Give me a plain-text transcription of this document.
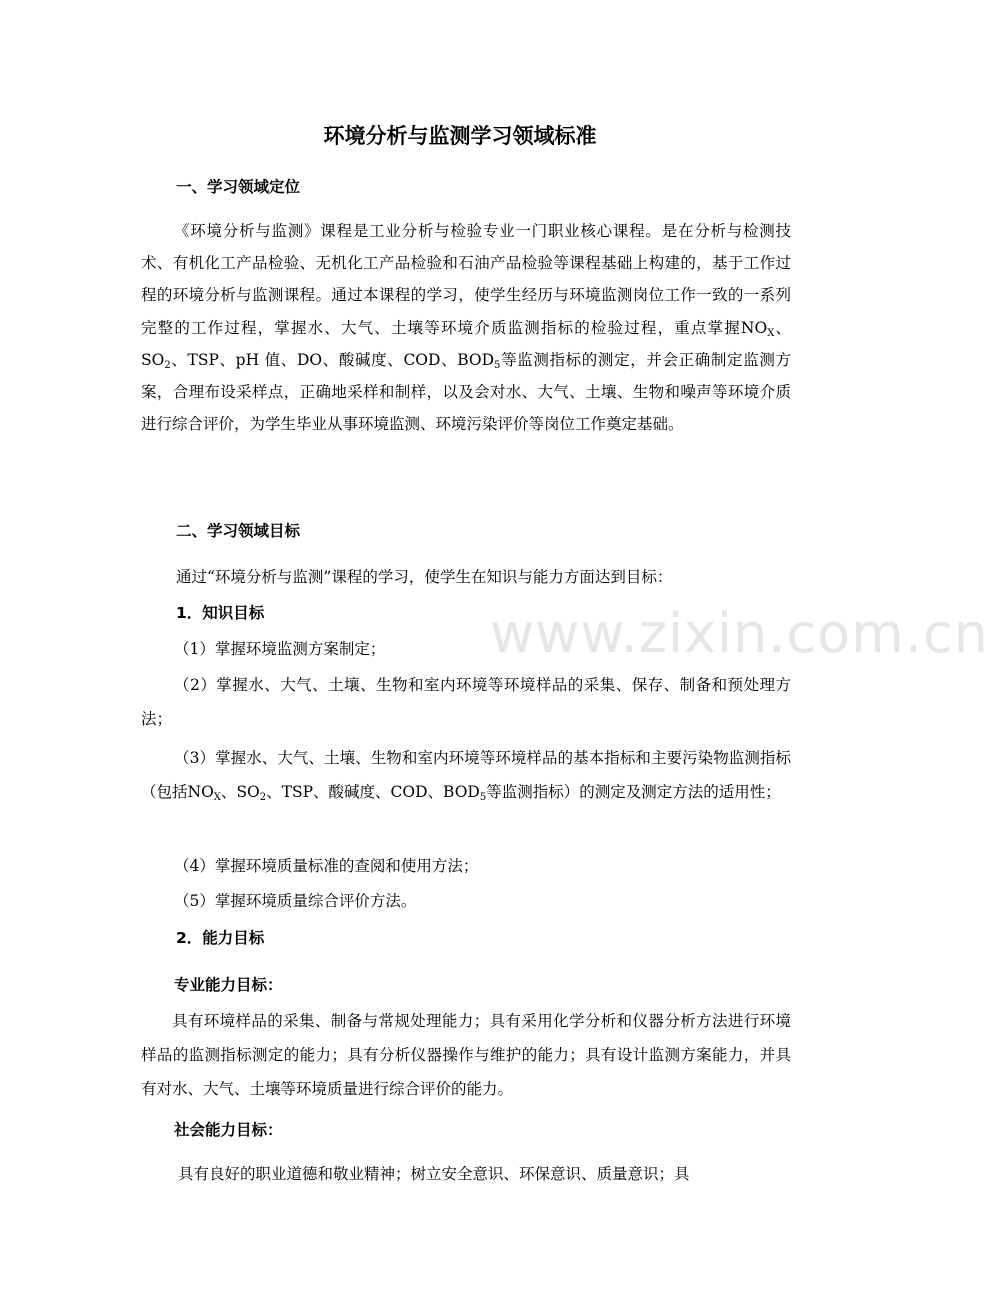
环境分析与监测学习领域标准
一、学习领域定位
《环境分析与监测》课程是工业分析与检验专业一门职业核心课程。是在分析与检测技术、有机化工产品检验、无机化工产品检验和石油产品检验等课程基础上构建的，基于工作过程的环境分析与监测课程。通过本课程的学习，使学生经历与环境监测岗位工作一致的一系列完整的工作过程，掌握水、大气、土壤等环境介质监测指标的检验过程，重点掌握$NO_X$、$SO_2$、TSP、pH 值、DO、酸碱度、COD、$BOD_5$等监测指标的测定，并会正确制定监测方案，合理布设采样点，正确地采样和制样，以及会对水、大气、土壤、生物和噪声等环境介质进行综合评价，为学生毕业从事环境监测、环境污染评价等岗位工作奠定基础。
二、学习领域目标
通过“环境分析与监测”课程的学习，使学生在知识与能力方面达到目标：
1．知识目标
（1）掌握环境监测方案制定；
（2）掌握水、大气、土壤、生物和室内环境等环境样品的采集、保存、制备和预处理方法；
（3）掌握水、大气、土壤、生物和室内环境等环境样品的基本指标和主要污染物监测指标（包括$NO_X$、$SO_2$、TSP、酸碱度、COD、$BOD_5$等监测指标）的测定及测定方法的适用性；
（4）掌握环境质量标准的查阅和使用方法；
（5）掌握环境质量综合评价方法。
2．能力目标
专业能力目标：
具有环境样品的采集、制备与常规处理能力；具有采用化学分析和仪器分析方法进行环境样品的监测指标测定的能力；具有分析仪器操作与维护的能力；具有设计监测方案能力，并具有对水、大气、土壤等环境质量进行综合评价的能力。
社会能力目标：
具有良好的职业道德和敬业精神；树立安全意识、环保意识、质量意识；具
www.zixin.com.cn
